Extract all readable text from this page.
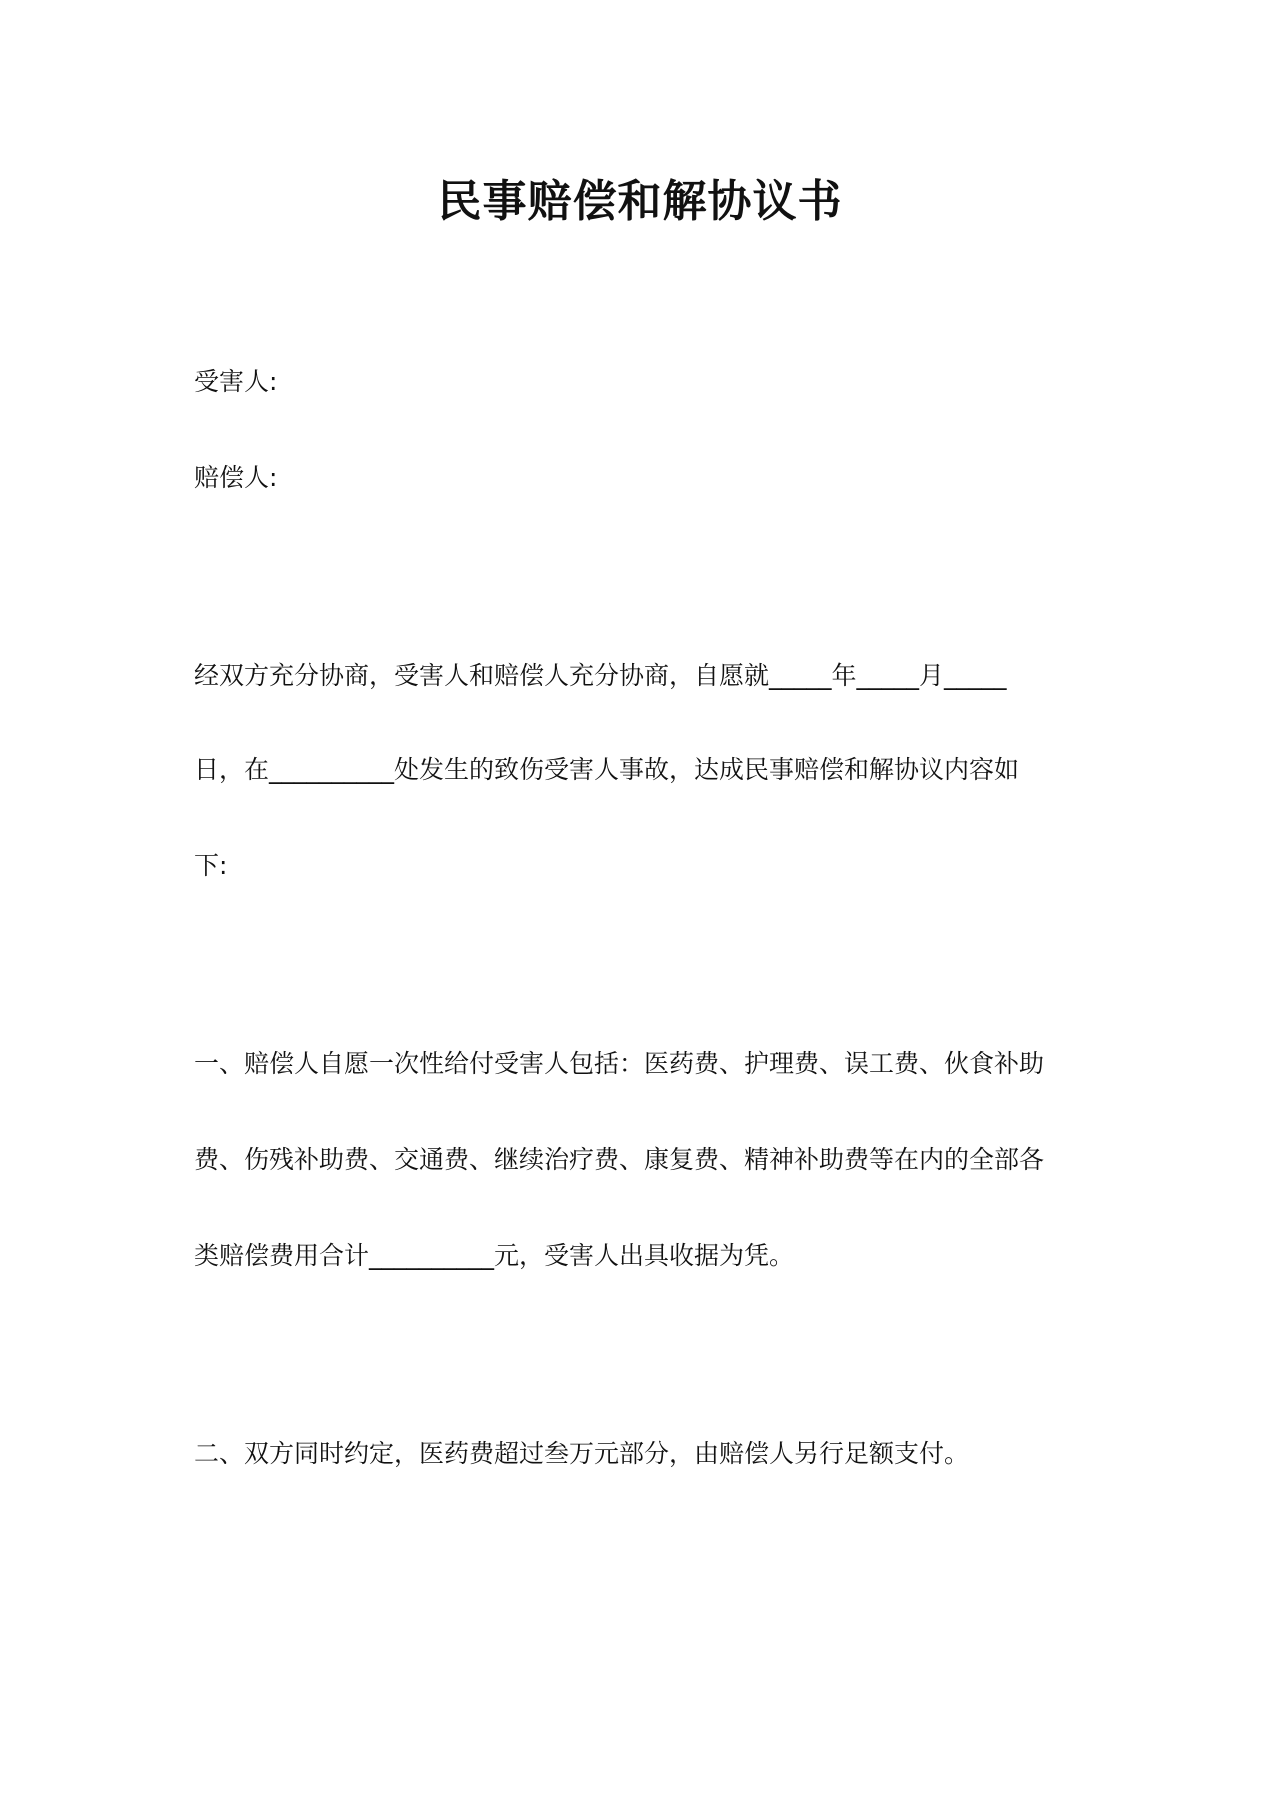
民事赔偿和解协议书
受害人:
赔偿人:
经双方充分协商，受害人和赔偿人充分协商，自愿就_____年_____月_____
日，在__________处发生的致伤受害人事故，达成民事赔偿和解协议内容如
下:
一、赔偿人自愿一次性给付受害人包括：医药费、护理费、误工费、伙食补助
费、伤残补助费、交通费、继续治疗费、康复费、精神补助费等在内的全部各
类赔偿费用合计__________元，受害人出具收据为凭。
二、双方同时约定，医药费超过叁万元部分，由赔偿人另行足额支付。
